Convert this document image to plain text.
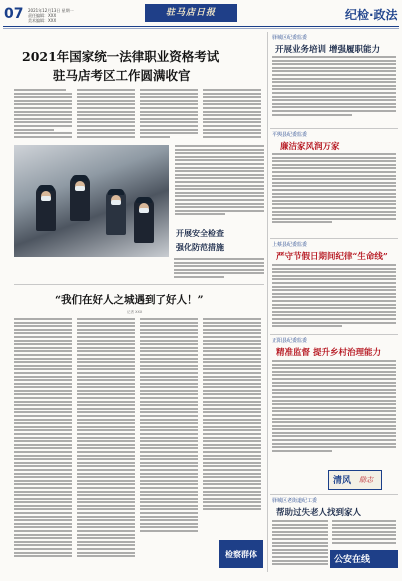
07 2021年12月13日 星期一
责任编辑：XXX
美术编辑：XXX
驻马店日报	纪检·政法
2021年国家统一法律职业资格考试
驻马店考区工作圆满收官
开展安全检查
强化防范措施
“我们在好人之城遇到了好人！”
记者 XXX
检察群体
驿城区纪委监委
开展业务培训 增强履职能力
平舆县纪委监委
廉洁家风润万家
上蔡县纪委监委
严守节假日期间纪律“生命线”
正阳县纪委监委
精准监督 提升乡村治理能力
清风 励志
驿城区老街道纪工委
帮助过失老人找到家人
公安在线
